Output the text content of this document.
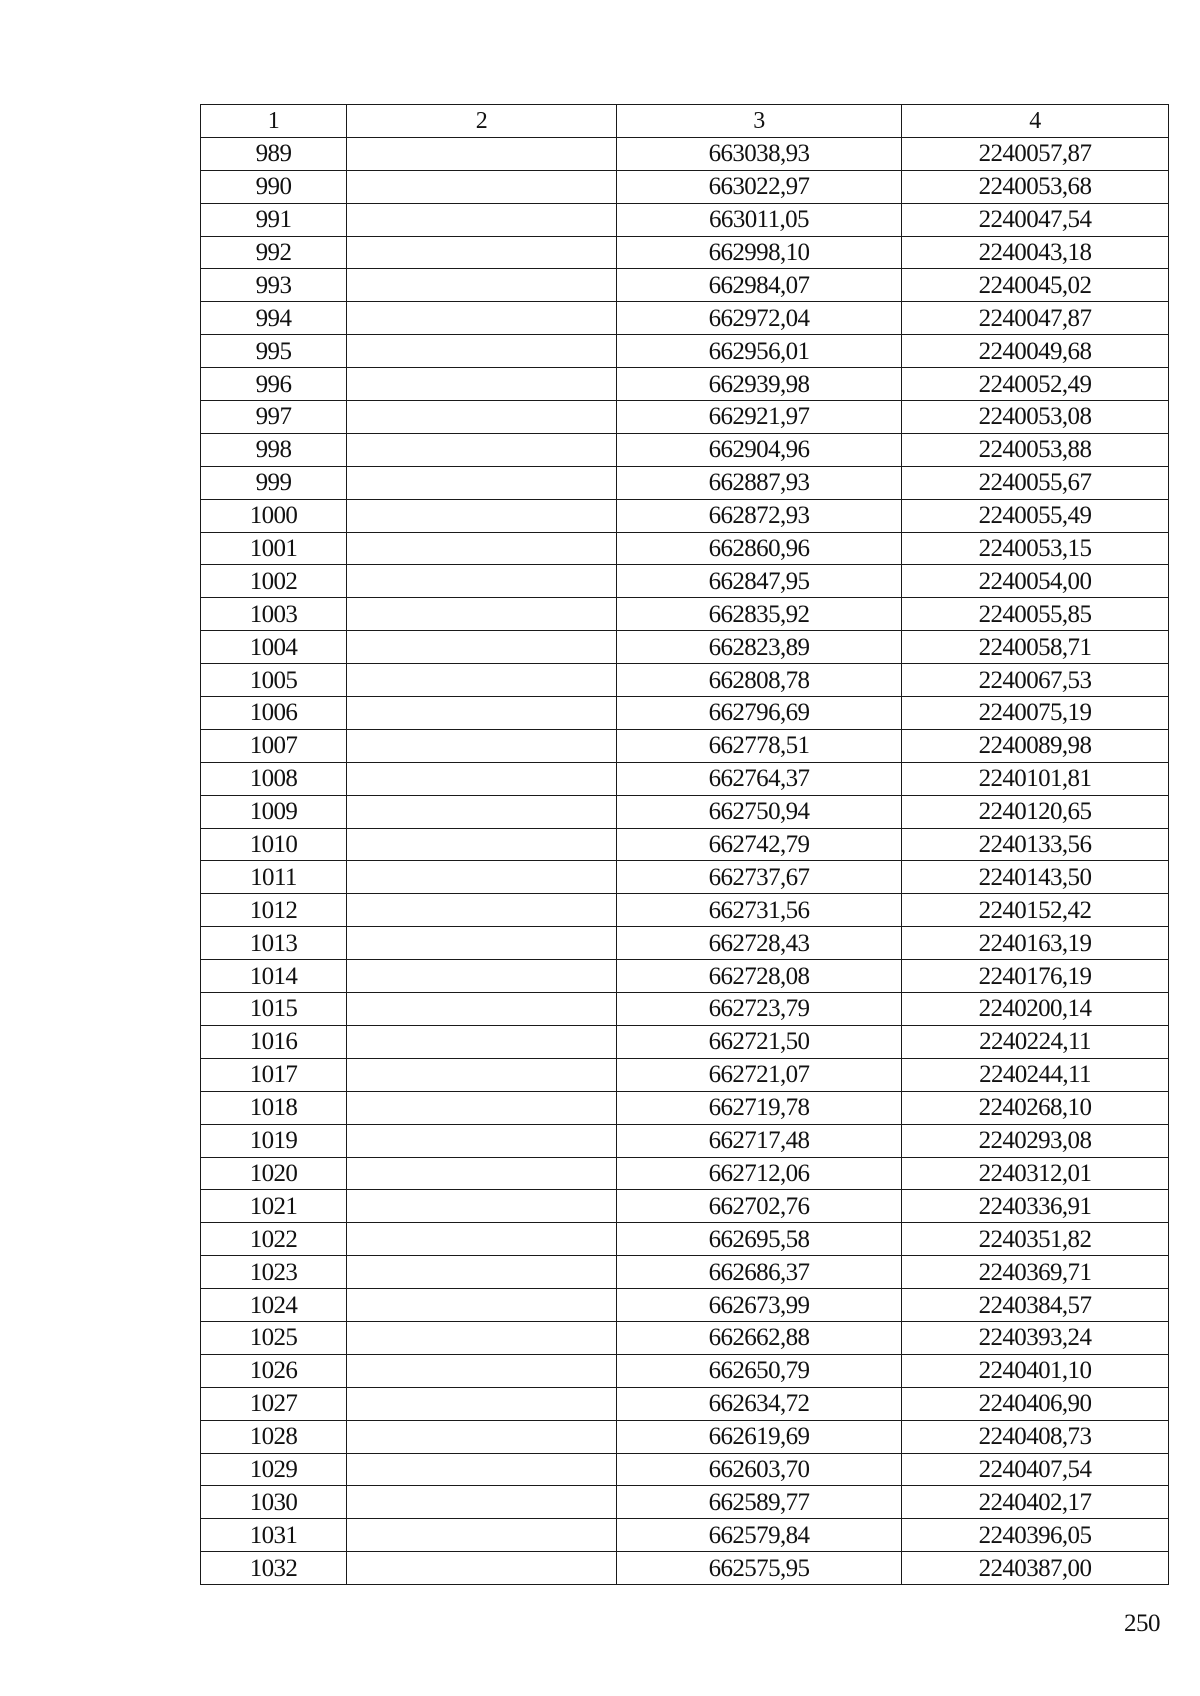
1	2	3	4
989		663038,93	2240057,87
990		663022,97	2240053,68
991		663011,05	2240047,54
992		662998,10	2240043,18
993		662984,07	2240045,02
994		662972,04	2240047,87
995		662956,01	2240049,68
996		662939,98	2240052,49
997		662921,97	2240053,08
998		662904,96	2240053,88
999		662887,93	2240055,67
1000		662872,93	2240055,49
1001		662860,96	2240053,15
1002		662847,95	2240054,00
1003		662835,92	2240055,85
1004		662823,89	2240058,71
1005		662808,78	2240067,53
1006		662796,69	2240075,19
1007		662778,51	2240089,98
1008		662764,37	2240101,81
1009		662750,94	2240120,65
1010		662742,79	2240133,56
1011		662737,67	2240143,50
1012		662731,56	2240152,42
1013		662728,43	2240163,19
1014		662728,08	2240176,19
1015		662723,79	2240200,14
1016		662721,50	2240224,11
1017		662721,07	2240244,11
1018		662719,78	2240268,10
1019		662717,48	2240293,08
1020		662712,06	2240312,01
1021		662702,76	2240336,91
1022		662695,58	2240351,82
1023		662686,37	2240369,71
1024		662673,99	2240384,57
1025		662662,88	2240393,24
1026		662650,79	2240401,10
1027		662634,72	2240406,90
1028		662619,69	2240408,73
1029		662603,70	2240407,54
1030		662589,77	2240402,17
1031		662579,84	2240396,05
1032		662575,95	2240387,00
250
